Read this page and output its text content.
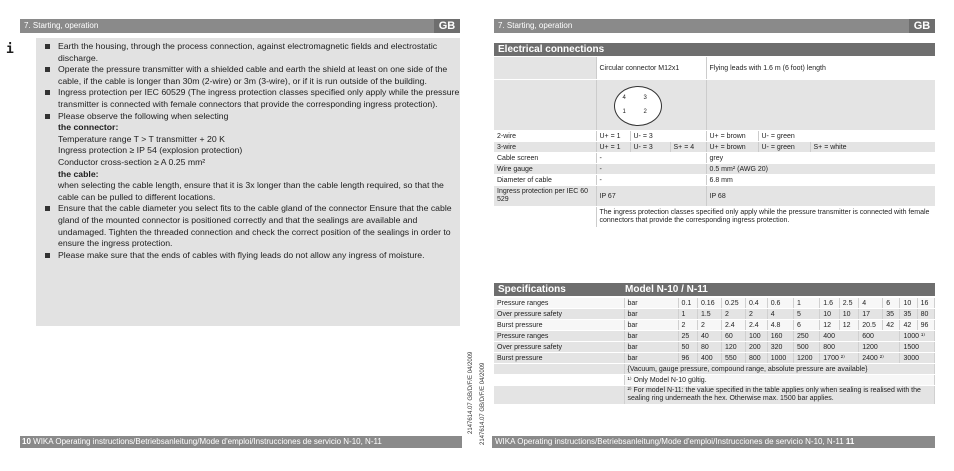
7. Starting, operation	GB
i	Earth the housing, through the process connection, against electromagnetic fields and electrostatic discharge.
Operate the pressure transmitter with a shielded cable and earth the shield at least on one side of the cable, if the cable is longer than 30m (2-wire) or 3m (3-wire), or if it is run outside of the building.
Ingress protection per IEC 60529 (The ingress protection classes specified only apply while the pressure transmitter is connected with female connectors that provide the corresponding ingress protection).
Please observe the following when selecting
the connector:
Temperature range T > T transmitter + 20 K
Ingress protection ≥ IP 54 (explosion protection)
Conductor cross-section ≥ A 0.25 mm²
the cable:
when selecting the cable length, ensure that it is 3x longer than the cable length required, so that the cable can be pulled to different locations.
Ensure that the cable diameter you select fits to the cable gland of the connector Ensure that the cable gland of the mounted connector is positioned correctly and that the sealings are available and undamaged. Tighten the threaded connection and check the correct position of the sealings in order to ensure the ingress protection.
Please make sure that the ends of cables with flying leads do not allow any ingress of moisture.
10 WIKA Operating instructions/Betriebsanleitung/Mode d'emploi/Instrucciones de servicio N-10, N-11
2147614.07 GB/D/F/E 04/2009 2147614.07 GB/D/F/E 04/2009
7. Starting, operation	GB
Electrical connections
	Circular connector M12x1			Flying leads with 1.6 m (6 foot) length		

	4 3
1 2					

2-wire	U+ = 1	U- = 3		U+ = brown	U- = green	
3-wire	U+ = 1	U- = 3	S+ = 4	U+ = brown	U- = green	S+ = white
Cable screen	-			grey		
Wire gauge	-			0.5 mm² (AWG 20)		
Diameter of cable	-			6.8 mm		
Ingress protection per IEC 60 529	IP 67			IP 68		
	The ingress protection classes specified only apply while the pressure transmitter is connected with female connectors that provide the corresponding ingress protection.					
Specifications	Model N-10 / N-11
Pressure ranges	bar	0.1	0.16	0.25	0.4	0.6	1	1.6	2.5	4	6	10	16
Over pressure safety	bar	1	1.5	2	2	4	5	10	10	17	35	35	80
Burst pressure	bar	2	2	2.4	2.4	4.8	6	12	12	20.5	42	42	96
Pressure ranges	bar	25	40	60	100	160	250	400		600		1000 ¹⁾	
Over pressure safety	bar	50	80	120	200	320	500	800		1200		1500	
Burst pressure	bar	96	400	550	800	1000	1200	1700 ²⁾		2400 ²⁾		3000	
	{Vacuum, gauge pressure, compound range, absolute pressure are available}												
	¹⁾ Only Model N-10 gültig.												
	²⁾ For model N-11: the value specified in the table applies only when sealing is realised with the sealing ring underneath the hex. Otherwise max. 1500 bar applies.												
WIKA Operating instructions/Betriebsanleitung/Mode d'emploi/Instrucciones de servicio N-10, N-11 11
